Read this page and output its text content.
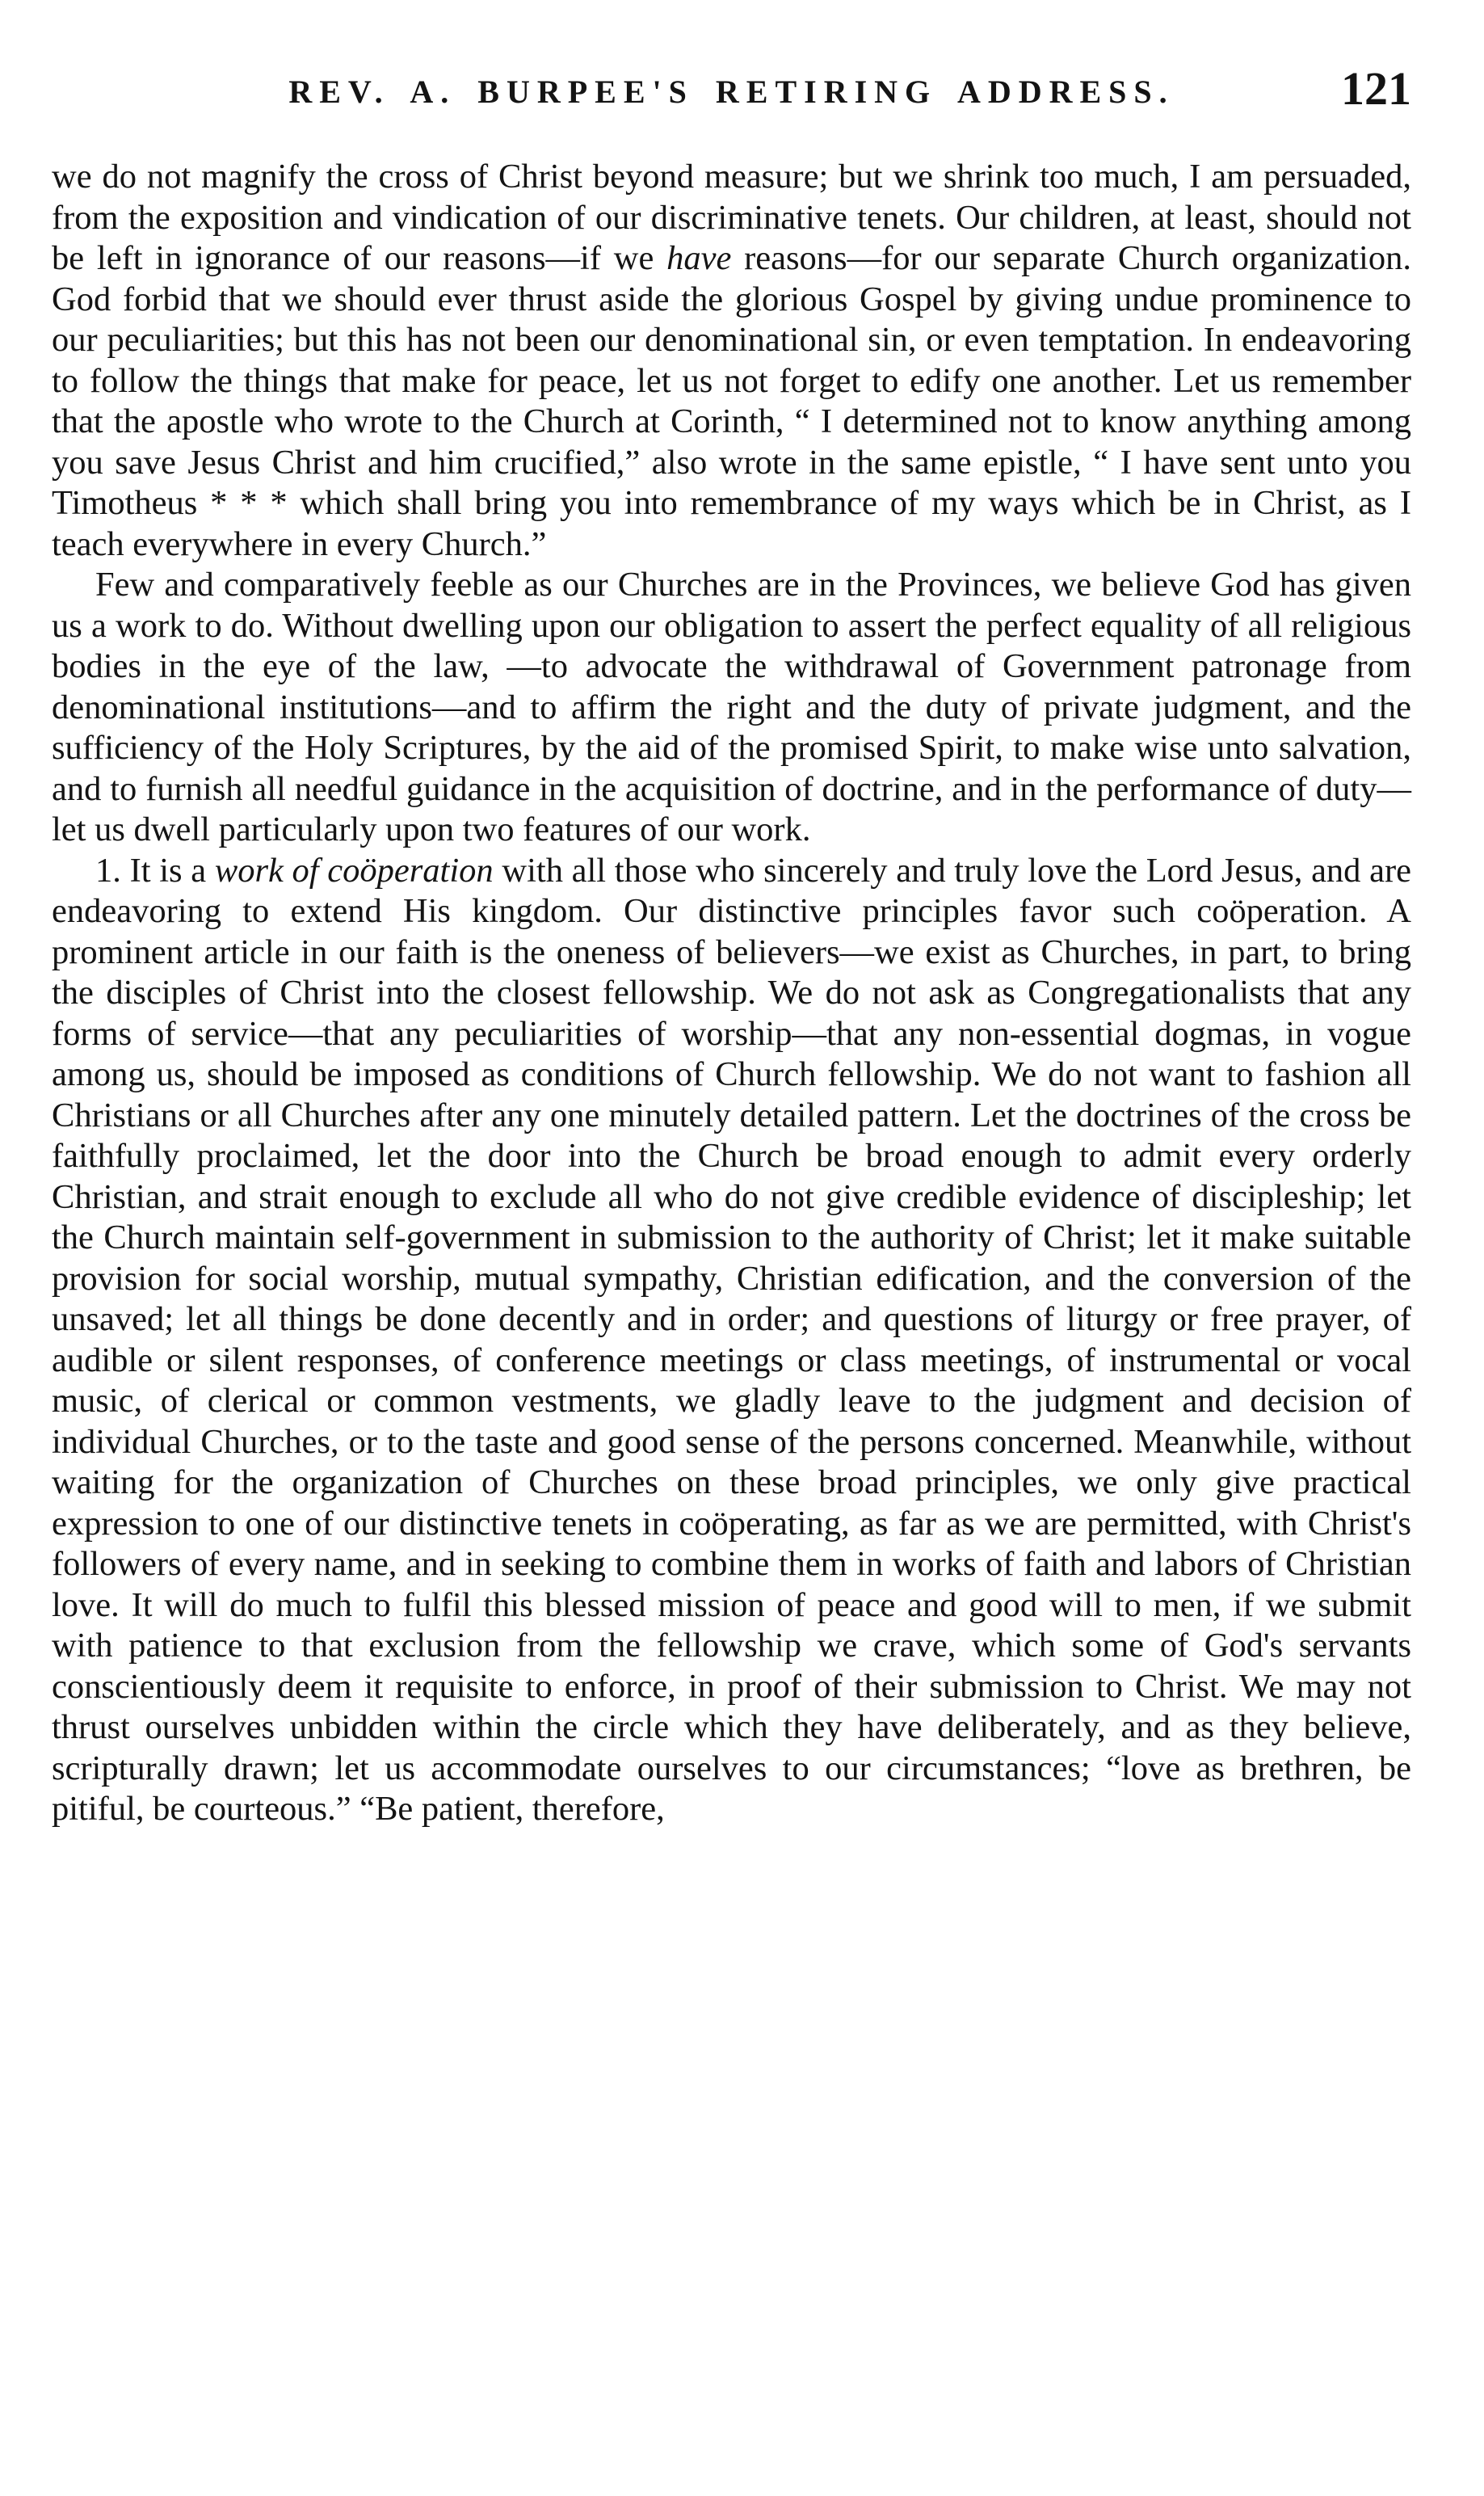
REV. A. BURPEE'S RETIRING ADDRESS.	121

we do not magnify the cross of Christ beyond measure; but we shrink too much, I am persuaded, from the exposition and vindication of our discriminative tenets. Our children, at least, should not be left in ignorance of our reasons—if we have reasons—for our separate Church organization. God forbid that we should ever thrust aside the glorious Gospel by giving undue prominence to our peculiarities; but this has not been our denominational sin, or even temptation. In endeavoring to follow the things that make for peace, let us not forget to edify one another. Let us remember that the apostle who wrote to the Church at Corinth, “ I determined not to know anything among you save Jesus Christ and him crucified,” also wrote in the same epistle, “ I have sent unto you Timotheus * * * which shall bring you into remembrance of my ways which be in Christ, as I teach everywhere in every Church.”

Few and comparatively feeble as our Churches are in the Provinces, we believe God has given us a work to do. Without dwelling upon our obligation to assert the perfect equality of all religious bodies in the eye of the law, —to advocate the withdrawal of Government patronage from denominational institutions—and to affirm the right and the duty of private judgment, and the sufficiency of the Holy Scriptures, by the aid of the promised Spirit, to make wise unto salvation, and to furnish all needful guidance in the acquisition of doctrine, and in the performance of duty—let us dwell particularly upon two features of our work.

1. It is a work of coöperation with all those who sincerely and truly love the Lord Jesus, and are endeavoring to extend His kingdom. Our distinctive principles favor such coöperation. A prominent article in our faith is the oneness of believers—we exist as Churches, in part, to bring the disciples of Christ into the closest fellowship. We do not ask as Congregationalists that any forms of service—that any peculiarities of worship—that any non-essential dogmas, in vogue among us, should be imposed as conditions of Church fellowship. We do not want to fashion all Christians or all Churches after any one minutely detailed pattern. Let the doctrines of the cross be faithfully proclaimed, let the door into the Church be broad enough to admit every orderly Christian, and strait enough to exclude all who do not give credible evidence of discipleship; let the Church maintain self-government in submission to the authority of Christ; let it make suitable provision for social worship, mutual sympathy, Christian edification, and the conversion of the unsaved; let all things be done decently and in order; and questions of liturgy or free prayer, of audible or silent responses, of conference meetings or class meetings, of instrumental or vocal music, of clerical or common vestments, we gladly leave to the judgment and decision of individual Churches, or to the taste and good sense of the persons concerned. Meanwhile, without waiting for the organization of Churches on these broad principles, we only give practical expression to one of our distinctive tenets in coöperating, as far as we are permitted, with Christ's followers of every name, and in seeking to combine them in works of faith and labors of Christian love. It will do much to fulfil this blessed mission of peace and good will to men, if we submit with patience to that exclusion from the fellowship we crave, which some of God's servants conscientiously deem it requisite to enforce, in proof of their submission to Christ. We may not thrust ourselves unbidden within the circle which they have deliberately, and as they believe, scripturally drawn; let us accommodate ourselves to our circumstances; “love as brethren, be pitiful, be courteous.” “Be patient, therefore,
